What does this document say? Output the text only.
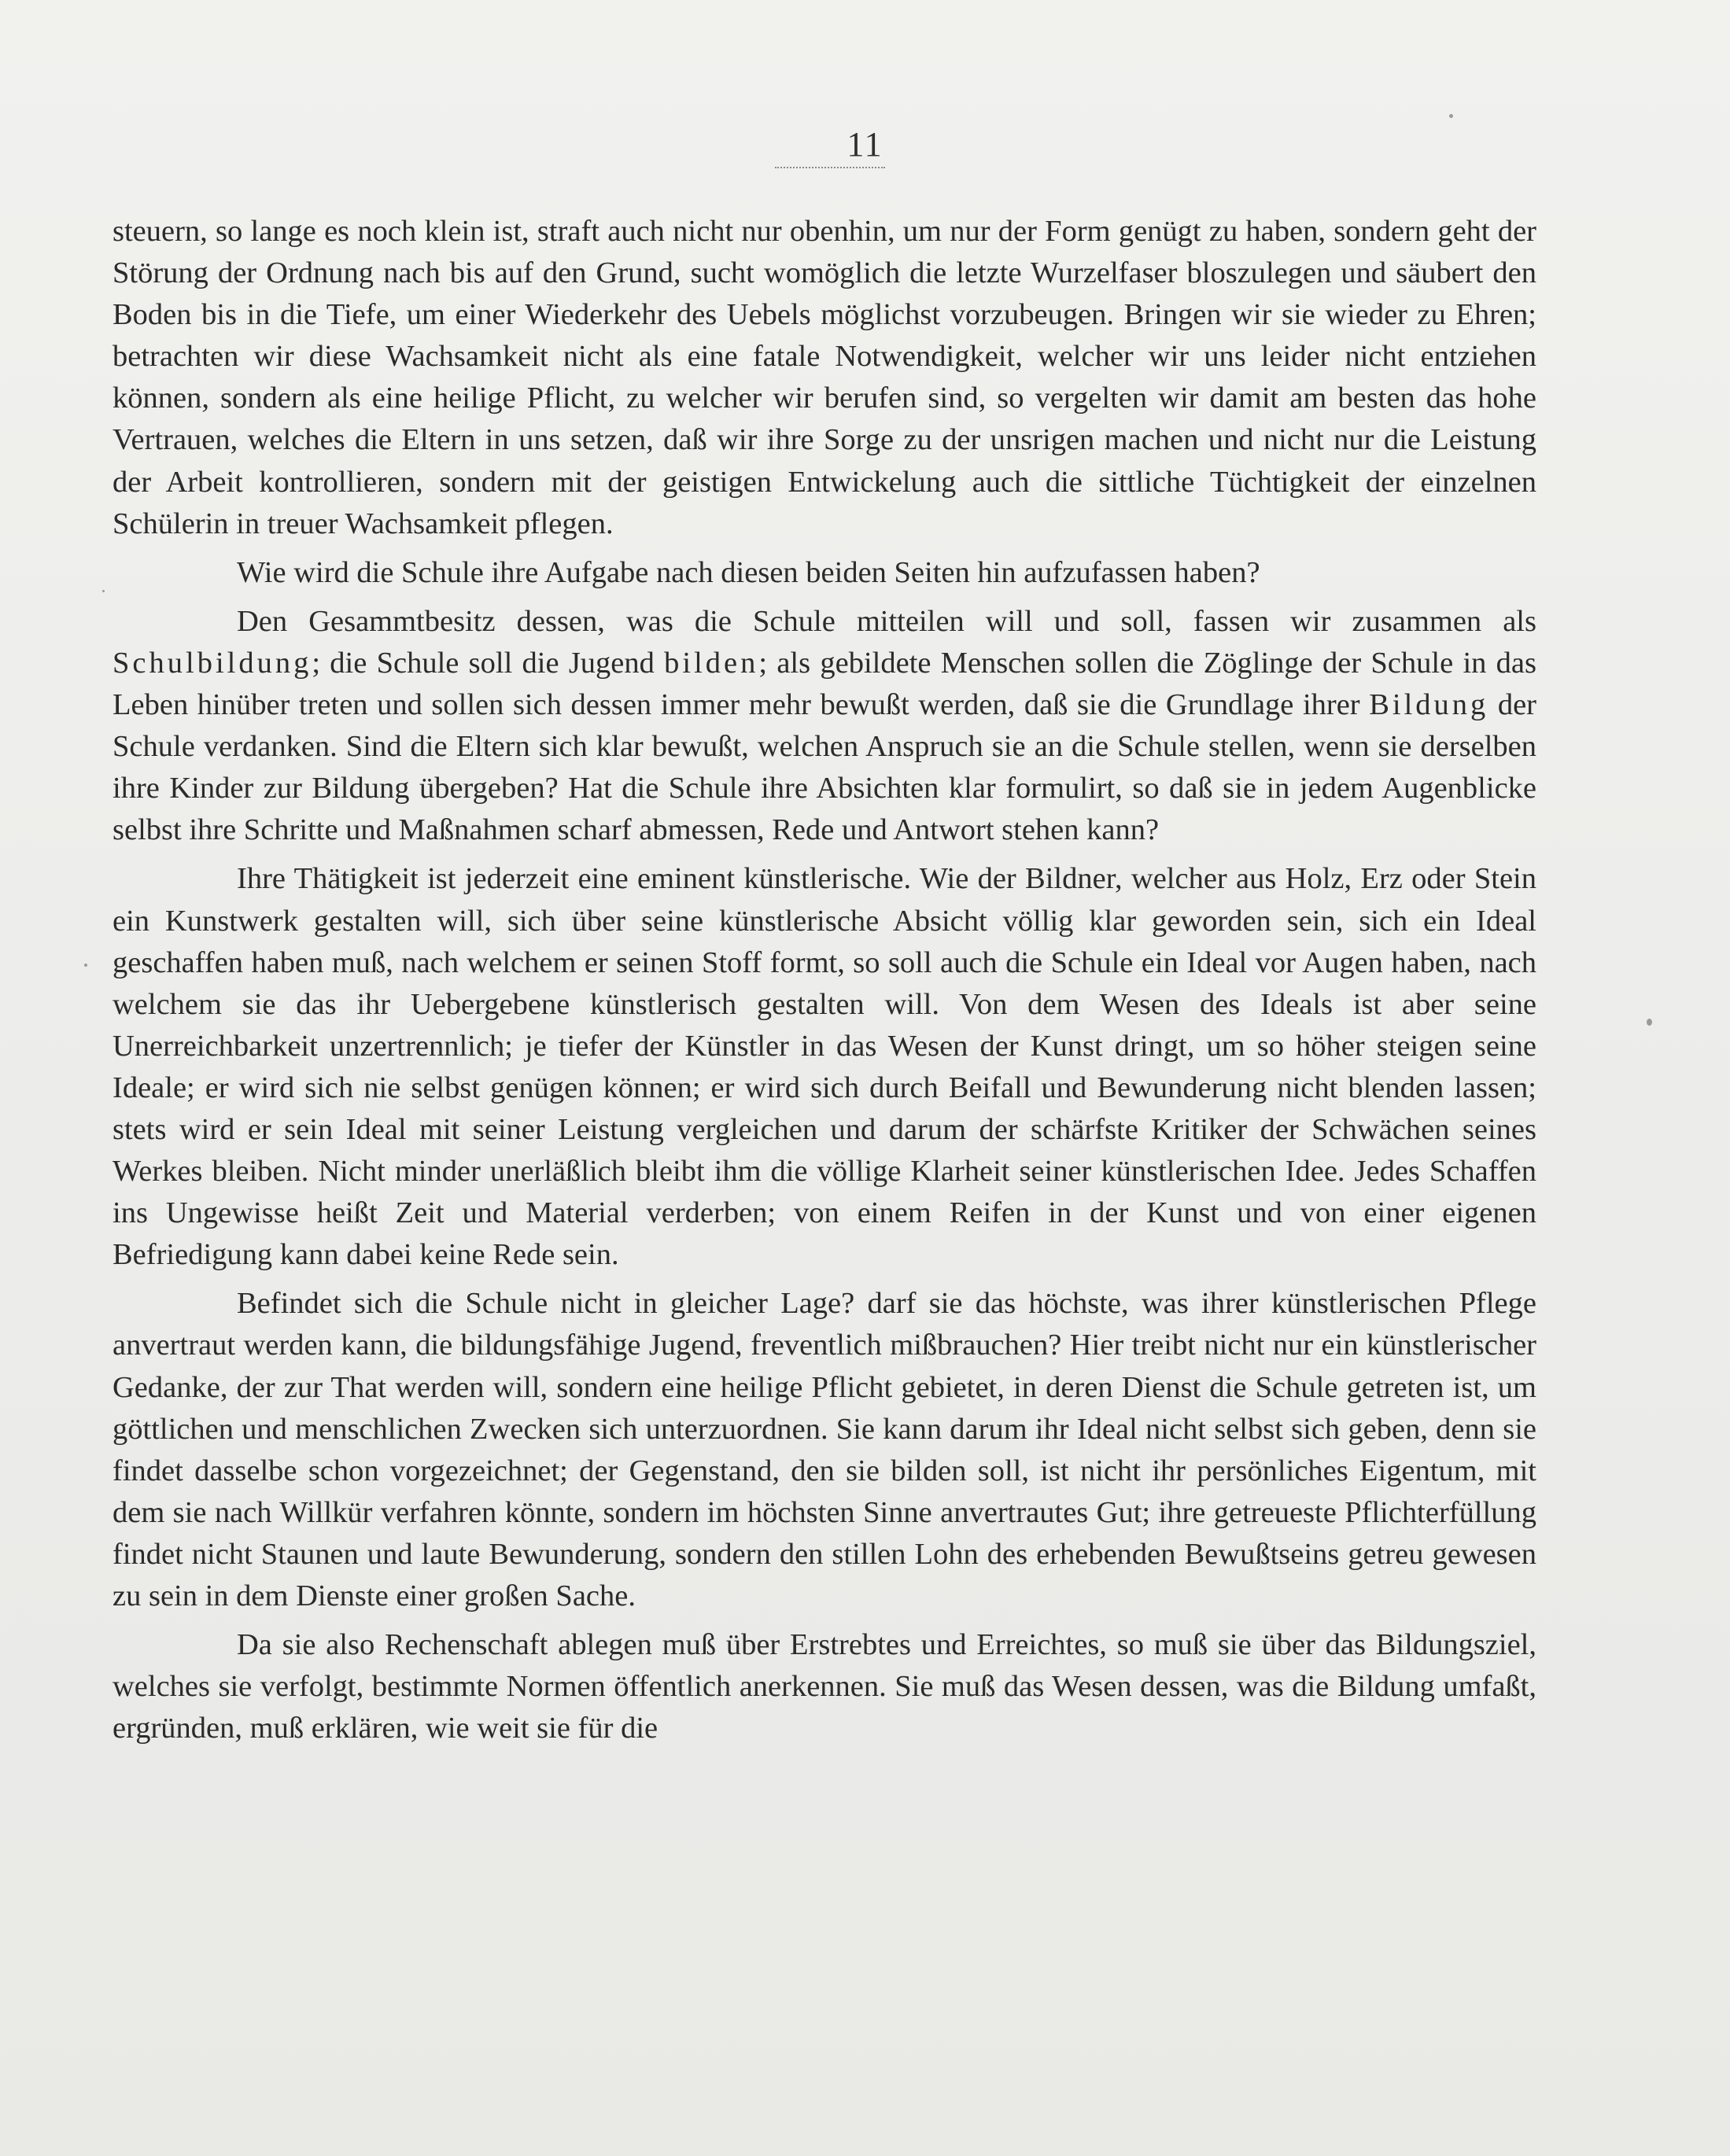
11

steuern, so lange es noch klein ist, straft auch nicht nur obenhin, um nur der Form genügt zu haben, sondern geht der Störung der Ordnung nach bis auf den Grund, sucht womöglich die letzte Wurzelfaser bloszulegen und säubert den Boden bis in die Tiefe, um einer Wiederkehr des Uebels möglichst vorzubeugen. Bringen wir sie wieder zu Ehren; betrachten wir diese Wachsamkeit nicht als eine fatale Notwendigkeit, welcher wir uns leider nicht entziehen können, sondern als eine heilige Pflicht, zu welcher wir berufen sind, so vergelten wir damit am besten das hohe Vertrauen, welches die Eltern in uns setzen, daß wir ihre Sorge zu der unsrigen machen und nicht nur die Leistung der Arbeit kontrollieren, sondern mit der geistigen Entwickelung auch die sittliche Tüchtigkeit der einzelnen Schülerin in treuer Wachsamkeit pflegen.

Wie wird die Schule ihre Aufgabe nach diesen beiden Seiten hin aufzufassen haben?

Den Gesammtbesitz dessen, was die Schule mitteilen will und soll, fassen wir zusammen als Schulbildung; die Schule soll die Jugend bilden; als gebildete Menschen sollen die Zöglinge der Schule in das Leben hinüber treten und sollen sich dessen immer mehr bewußt werden, daß sie die Grundlage ihrer Bildung der Schule verdanken. Sind die Eltern sich klar bewußt, welchen Anspruch sie an die Schule stellen, wenn sie derselben ihre Kinder zur Bildung übergeben? Hat die Schule ihre Absichten klar formulirt, so daß sie in jedem Augenblicke selbst ihre Schritte und Maßnahmen scharf abmessen, Rede und Antwort stehen kann?

Ihre Thätigkeit ist jederzeit eine eminent künstlerische. Wie der Bildner, welcher aus Holz, Erz oder Stein ein Kunstwerk gestalten will, sich über seine künstlerische Absicht völlig klar geworden sein, sich ein Ideal geschaffen haben muß, nach welchem er seinen Stoff formt, so soll auch die Schule ein Ideal vor Augen haben, nach welchem sie das ihr Uebergebene künstlerisch gestalten will. Von dem Wesen des Ideals ist aber seine Unerreichbarkeit unzertrennlich; je tiefer der Künstler in das Wesen der Kunst dringt, um so höher steigen seine Ideale; er wird sich nie selbst genügen können; er wird sich durch Beifall und Bewunderung nicht blenden lassen; stets wird er sein Ideal mit seiner Leistung vergleichen und darum der schärfste Kritiker der Schwächen seines Werkes bleiben. Nicht minder unerläßlich bleibt ihm die völlige Klarheit seiner künstlerischen Idee. Jedes Schaffen ins Ungewisse heißt Zeit und Material verderben; von einem Reifen in der Kunst und von einer eigenen Befriedigung kann dabei keine Rede sein.

Befindet sich die Schule nicht in gleicher Lage? darf sie das höchste, was ihrer künstlerischen Pflege anvertraut werden kann, die bildungsfähige Jugend, freventlich mißbrauchen? Hier treibt nicht nur ein künstlerischer Gedanke, der zur That werden will, sondern eine heilige Pflicht gebietet, in deren Dienst die Schule getreten ist, um göttlichen und menschlichen Zwecken sich unterzuordnen. Sie kann darum ihr Ideal nicht selbst sich geben, denn sie findet dasselbe schon vorgezeichnet; der Gegenstand, den sie bilden soll, ist nicht ihr persönliches Eigentum, mit dem sie nach Willkür verfahren könnte, sondern im höchsten Sinne anvertrautes Gut; ihre getreueste Pflichterfüllung findet nicht Staunen und laute Bewunderung, sondern den stillen Lohn des erhebenden Bewußtseins getreu gewesen zu sein in dem Dienste einer großen Sache.

Da sie also Rechenschaft ablegen muß über Erstrebtes und Erreichtes, so muß sie über das Bildungsziel, welches sie verfolgt, bestimmte Normen öffentlich anerkennen. Sie muß das Wesen dessen, was die Bildung umfaßt, ergründen, muß erklären, wie weit sie für die
